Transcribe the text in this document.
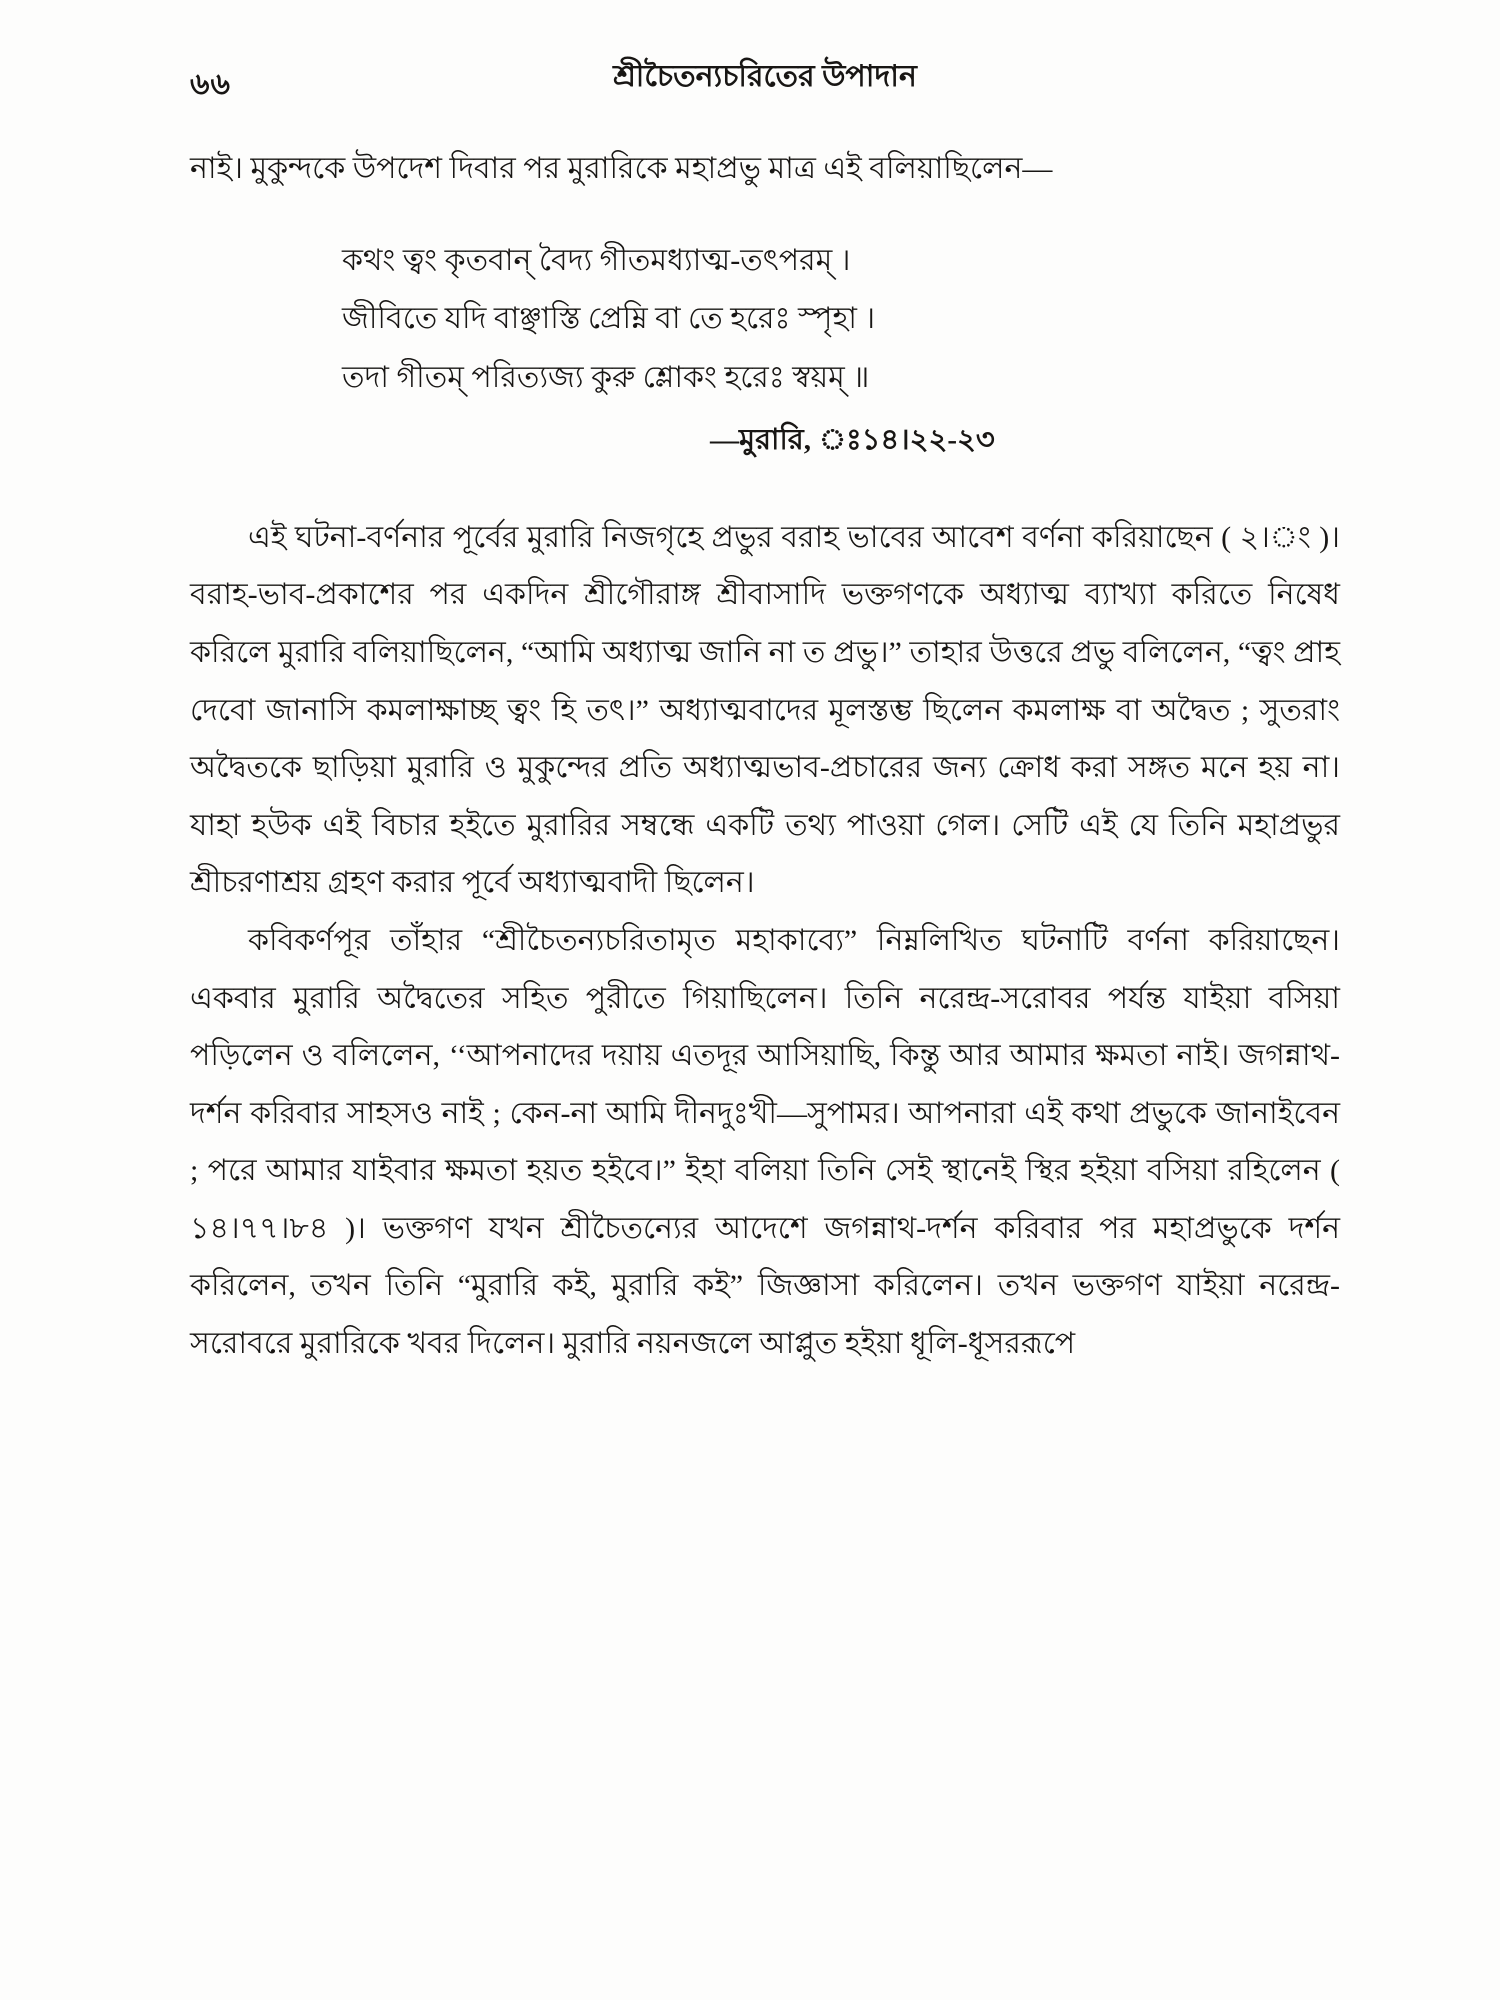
৬৬	শ্রীচৈতন্যচরিতের উপাদান

নাই। মুকুন্দকে উপদেশ দিবার পর মুরারিকে মহাপ্রভু মাত্র এই বলিয়াছিলেন—

কথং ত্বং কৃতবান্ বৈদ্য গীতমধ্যাত্ম-তৎপরম্ ।
জীবিতে যদি বাঞ্ছাস্তি প্রেম্নি বা তে হরেঃ স্পৃহা ।
তদা গীতম্ পরিত্যজ্য কুরু শ্লোকং হরেঃ স্বয়ম্ ॥
—মুরারি, ঃ১৪।২২-২৩

এই ঘটনা-বর্ণনার পূর্বের মুরারি নিজগৃহে প্রভুর বরাহ ভাবের আবেশ বর্ণনা করিয়াছেন ( ২।ং )। বরাহ-ভাব-প্রকাশের পর একদিন শ্রীগৌরাঙ্গ শ্রীবাসাদি ভক্তগণকে অধ্যাত্ম ব্যাখ্যা করিতে নিষেধ করিলে মুরারি বলিয়াছিলেন, “আমি অধ্যাত্ম জানি না ত প্রভু।” তাহার উত্তরে প্রভু বলিলেন, “ত্বং প্রাহ দেবো জানাসি কমলাক্ষাচ্ছ ত্বং হি তৎ।” অধ্যাত্মবাদের মূলস্তম্ভ ছিলেন কমলাক্ষ বা অদ্বৈত ; সুতরাং অদ্বৈতকে ছাড়িয়া মুরারি ও মুকুন্দের প্রতি অধ্যাত্মভাব-প্রচারের জন্য ক্রোধ করা সঙ্গত মনে হয় না। যাহা হউক এই বিচার হইতে মুরারির সম্বন্ধে একটি তথ্য পাওয়া গেল। সেটি এই যে তিনি মহাপ্রভুর শ্রীচরণাশ্রয় গ্রহণ করার পূর্বে অধ্যাত্মবাদী ছিলেন।

কবিকর্ণপূর তাঁহার “শ্রীচৈতন্যচরিতামৃত মহাকাব্যে” নিম্নলিখিত ঘটনাটি বর্ণনা করিয়াছেন। একবার মুরারি অদ্বৈতের সহিত পুরীতে গিয়াছিলেন। তিনি নরেন্দ্র-সরোবর পর্যন্ত যাইয়া বসিয়া পড়িলেন ও বলিলেন, ‘‘আপনাদের দয়ায় এতদূর আসিয়াছি, কিন্তু আর আমার ক্ষমতা নাই। জগন্নাথ-দর্শন করিবার সাহসও নাই ; কেন-না আমি দীনদুঃখী—সুপামর। আপনারা এই কথা প্রভুকে জানাইবেন ; পরে আমার যাইবার ক্ষমতা হয়ত হইবে।” ইহা বলিয়া তিনি সেই স্থানেই স্থির হইয়া বসিয়া রহিলেন ( ১৪।৭৭।৮৪ )। ভক্তগণ যখন শ্রীচৈতন্যের আদেশে জগন্নাথ-দর্শন করিবার পর মহাপ্রভুকে দর্শন করিলেন, তখন তিনি “মুরারি কই, মুরারি কই” জিজ্ঞাসা করিলেন। তখন ভক্তগণ যাইয়া নরেন্দ্র-সরোবরে মুরারিকে খবর দিলেন। মুরারি নয়নজলে আপ্লুত হইয়া ধূলি-ধূসররূপে
